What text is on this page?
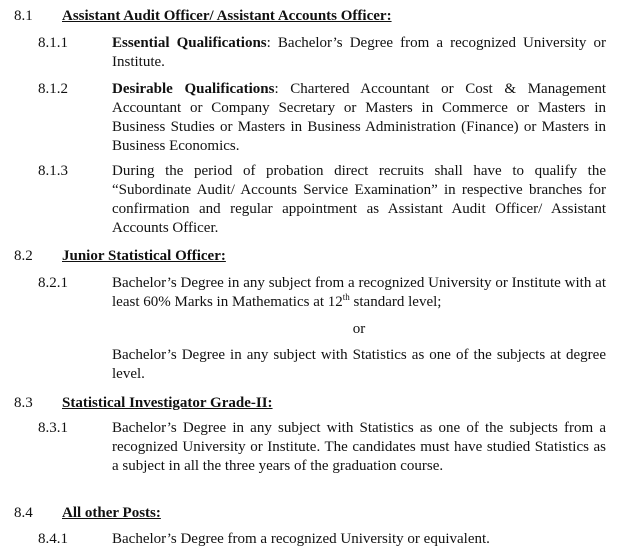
8.1 Assistant Audit Officer/ Assistant Accounts Officer:
8.1.1	Essential Qualifications: Bachelor’s Degree from a recognized University or Institute.
8.1.2	Desirable Qualifications: Chartered Accountant or Cost & Management Accountant or Company Secretary or Masters in Commerce or Masters in Business Studies or Masters in Business Administration (Finance) or Masters in Business Economics.
8.1.3	During the period of probation direct recruits shall have to qualify the “Subordinate Audit/ Accounts Service Examination” in respective branches for confirmation and regular appointment as Assistant Audit Officer/ Assistant Accounts Officer.
8.2 Junior Statistical Officer:
8.2.1	Bachelor’s Degree in any subject from a recognized University or Institute with at least 60% Marks in Mathematics at 12th standard level;
or
Bachelor’s Degree in any subject with Statistics as one of the subjects at degree level.
8.3 Statistical Investigator Grade-II:
8.3.1	Bachelor’s Degree in any subject with Statistics as one of the subjects from a recognized University or Institute. The candidates must have studied Statistics as a subject in all the three years of the graduation course.
8.4 All other Posts:
8.4.1	Bachelor’s Degree from a recognized University or equivalent.
